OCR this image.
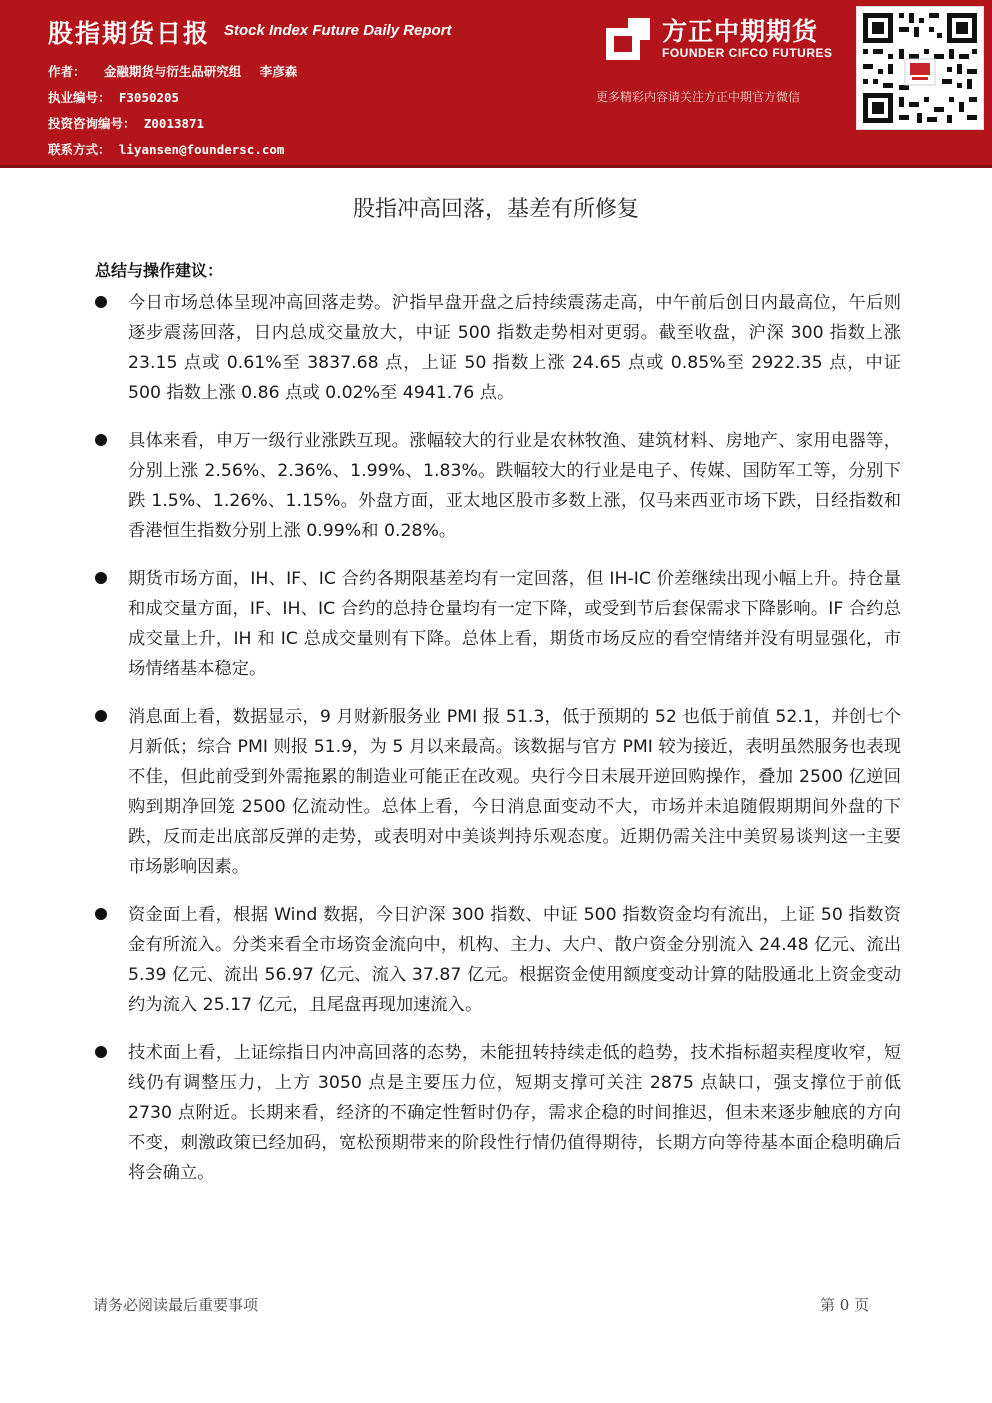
股指期货日报 Stock Index Future Daily Report
作者： 金融期货与衍生品研究组 李彦森
执业编号： F3050205
投资咨询编号： Z0013871
联系方式： liyansen@foundersc.com
方正中期期货
FOUNDER CIFCO FUTURES
更多精彩内容请关注方正中期官方微信
股指冲高回落，基差有所修复
总结与操作建议：
今日市场总体呈现冲高回落走势。沪指早盘开盘之后持续震荡走高，中午前后创日内最高位，午后则逐步震荡回落，日内总成交量放大，中证 500 指数走势相对更弱。截至收盘，沪深 300 指数上涨 23.15 点或 0.61%至 3837.68 点，上证 50 指数上涨 24.65 点或 0.85%至 2922.35 点，中证 500 指数上涨 0.86 点或 0.02%至 4941.76 点。
具体来看，申万一级行业涨跌互现。涨幅较大的行业是农林牧渔、建筑材料、房地产、家用电器等，分别上涨 2.56%、2.36%、1.99%、1.83%。跌幅较大的行业是电子、传媒、国防军工等，分别下跌 1.5%、1.26%、1.15%。外盘方面，亚太地区股市多数上涨，仅马来西亚市场下跌，日经指数和香港恒生指数分别上涨 0.99%和 0.28%。
期货市场方面，IH、IF、IC 合约各期限基差均有一定回落，但 IH-IC 价差继续出现小幅上升。持仓量和成交量方面，IF、IH、IC 合约的总持仓量均有一定下降，或受到节后套保需求下降影响。IF 合约总成交量上升，IH 和 IC 总成交量则有下降。总体上看，期货市场反应的看空情绪并没有明显强化，市场情绪基本稳定。
消息面上看，数据显示，9 月财新服务业 PMI 报 51.3，低于预期的 52 也低于前值 52.1，并创七个月新低；综合 PMI 则报 51.9，为 5 月以来最高。该数据与官方 PMI 较为接近，表明虽然服务也表现不佳，但此前受到外需拖累的制造业可能正在改观。央行今日未展开逆回购操作，叠加 2500 亿逆回购到期净回笼 2500 亿流动性。总体上看，今日消息面变动不大，市场并未追随假期期间外盘的下跌，反而走出底部反弹的走势，或表明对中美谈判持乐观态度。近期仍需关注中美贸易谈判这一主要市场影响因素。
资金面上看，根据 Wind 数据，今日沪深 300 指数、中证 500 指数资金均有流出，上证 50 指数资金有所流入。分类来看全市场资金流向中，机构、主力、大户、散户资金分别流入 24.48 亿元、流出 5.39 亿元、流出 56.97 亿元、流入 37.87 亿元。根据资金使用额度变动计算的陆股通北上资金变动约为流入 25.17 亿元，且尾盘再现加速流入。
技术面上看，上证综指日内冲高回落的态势，未能扭转持续走低的趋势，技术指标超卖程度收窄，短线仍有调整压力，上方 3050 点是主要压力位，短期支撑可关注 2875 点缺口，强支撑位于前低 2730 点附近。长期来看，经济的不确定性暂时仍存，需求企稳的时间推迟，但未来逐步触底的方向不变，刺激政策已经加码，宽松预期带来的阶段性行情仍值得期待，长期方向等待基本面企稳明确后将会确立。
请务必阅读最后重要事项	第 0 页
